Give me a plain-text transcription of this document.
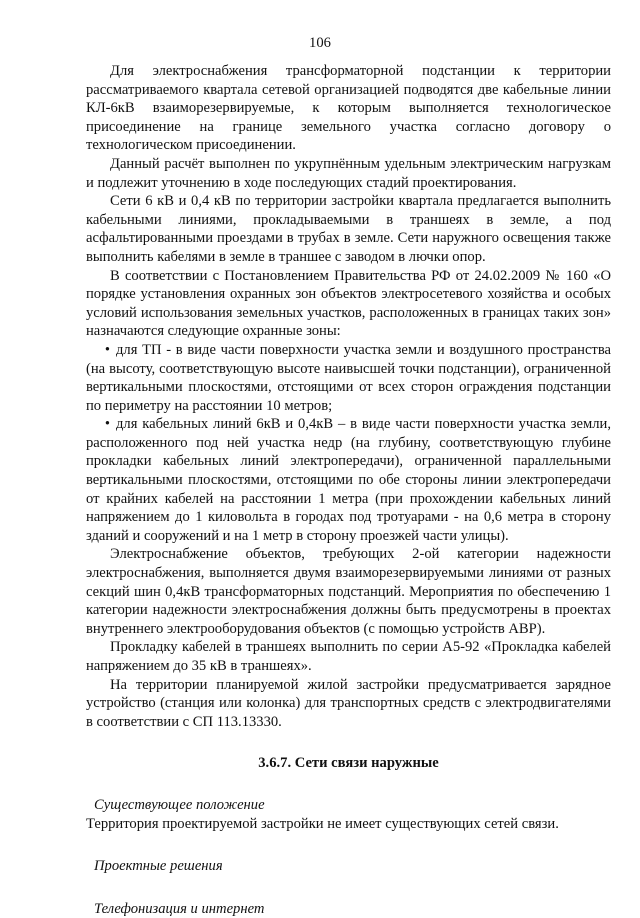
106

Для электроснабжения трансформаторной подстанции к территории рассматриваемого квартала сетевой организацией подводятся две кабельные линии КЛ-6кВ взаиморезервируемые, к которым выполняется технологическое присоединение на границе земельного участка согласно договору о технологическом присоединении.

Данный расчёт выполнен по укрупнённым удельным электрическим нагрузкам и подлежит уточнению в ходе последующих стадий проектирования.

Сети 6 кВ и 0,4 кВ по территории застройки квартала предлагается выполнить кабельными линиями, прокладываемыми в траншеях в земле, а под асфальтированными проездами в трубах в земле. Сети наружного освещения также выполнить кабелями в земле в траншее с заводом в лючки опор.

В соответствии с Постановлением Правительства РФ от 24.02.2009 № 160 «О порядке установления охранных зон объектов электросетевого хозяйства и особых условий использования земельных участков, расположенных в границах таких зон» назначаются следующие охранные зоны:

• для ТП - в виде части поверхности участка земли и воздушного пространства (на высоту, соответствующую высоте наивысшей точки подстанции), ограниченной вертикальными плоскостями, отстоящими от всех сторон ограждения подстанции по периметру на расстоянии 10 метров;

• для кабельных линий 6кВ и 0,4кВ – в виде части поверхности участка земли, расположенного под ней участка недр (на глубину, соответствующую глубине прокладки кабельных линий электропередачи), ограниченной параллельными вертикальными плоскостями, отстоящими по обе стороны линии электропередачи от крайних кабелей на расстоянии 1 метра (при прохождении кабельных линий напряжением до 1 киловольта в городах под тротуарами - на 0,6 метра в сторону зданий и сооружений и на 1 метр в сторону проезжей части улицы).

Электроснабжение объектов, требующих 2-ой категории надежности электроснабжения, выполняется двумя взаиморезервируемыми линиями от разных секций шин 0,4кВ трансформаторных подстанций. Мероприятия по обеспечению 1 категории надежности электроснабжения должны быть предусмотрены в проектах внутреннего электрооборудования объектов (с помощью устройств АВР).

Прокладку кабелей в траншеях выполнить по серии А5-92 «Прокладка кабелей напряжением до 35 кВ в траншеях».

На территории планируемой жилой застройки предусматривается зарядное устройство (станция или колонка) для транспортных средств с электродвигателями в соответствии с СП 113.13330.

3.6.7. Сети связи наружные

Существующее положение

Территория проектируемой застройки не имеет существующих сетей связи.

Проектные решения

Телефонизация и интернет
